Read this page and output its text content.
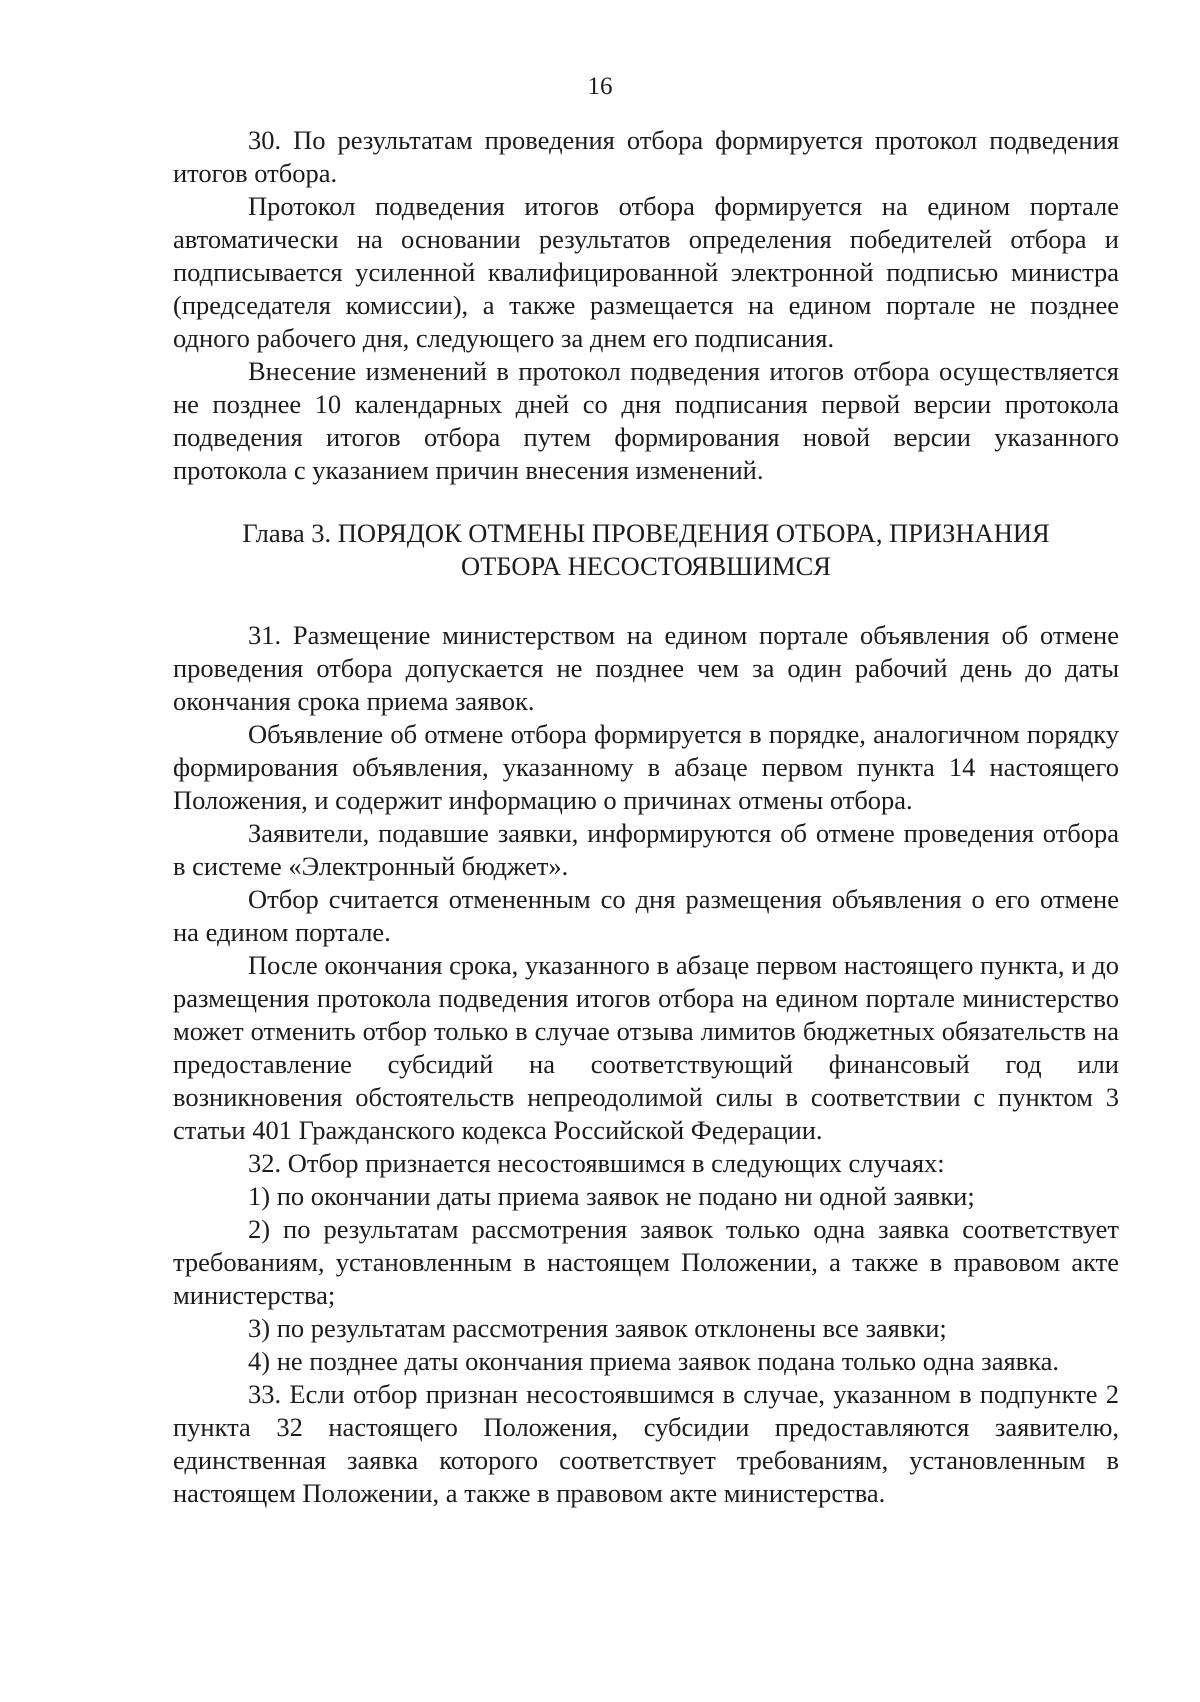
16

30. По результатам проведения отбора формируется протокол подведения итогов отбора.

Протокол подведения итогов отбора формируется на едином портале автоматически на основании результатов определения победителей отбора и подписывается усиленной квалифицированной электронной подписью министра (председателя комиссии), а также размещается на едином портале не позднее одного рабочего дня, следующего за днем его подписания.

Внесение изменений в протокол подведения итогов отбора осуществляется не позднее 10 календарных дней со дня подписания первой версии протокола подведения итогов отбора путем формирования новой версии указанного протокола с указанием причин внесения изменений.

Глава 3. ПОРЯДОК ОТМЕНЫ ПРОВЕДЕНИЯ ОТБОРА, ПРИЗНАНИЯ
ОТБОРА НЕСОСТОЯВШИМСЯ

31. Размещение министерством на едином портале объявления об отмене проведения отбора допускается не позднее чем за один рабочий день до даты окончания срока приема заявок.

Объявление об отмене отбора формируется в порядке, аналогичном порядку формирования объявления, указанному в абзаце первом пункта 14 настоящего Положения, и содержит информацию о причинах отмены отбора.

Заявители, подавшие заявки, информируются об отмене проведения отбора в системе «Электронный бюджет».

Отбор считается отмененным со дня размещения объявления о его отмене на едином портале.

После окончания срока, указанного в абзаце первом настоящего пункта, и до размещения протокола подведения итогов отбора на едином портале министерство может отменить отбор только в случае отзыва лимитов бюджетных обязательств на предоставление субсидий на соответствующий финансовый год или возникновения обстоятельств непреодолимой силы в соответствии с пунктом 3 статьи 401 Гражданского кодекса Российской Федерации.

32. Отбор признается несостоявшимся в следующих случаях:

1) по окончании даты приема заявок не подано ни одной заявки;

2) по результатам рассмотрения заявок только одна заявка соответствует требованиям, установленным в настоящем Положении, а также в правовом акте министерства;

3) по результатам рассмотрения заявок отклонены все заявки;

4) не позднее даты окончания приема заявок подана только одна заявка.

33. Если отбор признан несостоявшимся в случае, указанном в подпункте 2 пункта 32 настоящего Положения, субсидии предоставляются заявителю, единственная заявка которого соответствует требованиям, установленным в настоящем Положении, а также в правовом акте министерства.
